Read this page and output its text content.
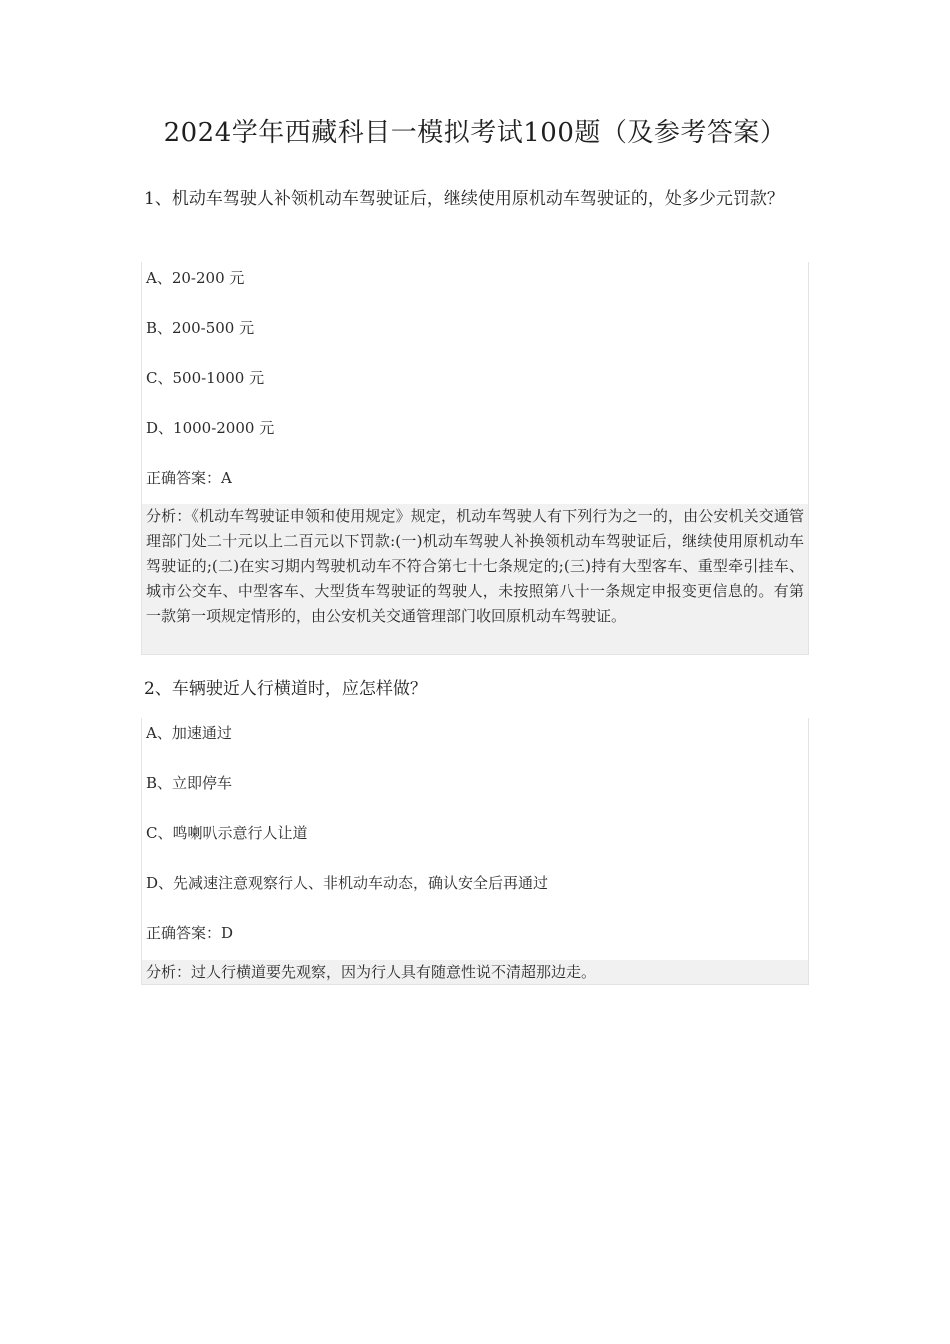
2024学年西藏科目一模拟考试100题（及参考答案）
1、机动车驾驶人补领机动车驾驶证后，继续使用原机动车驾驶证的，处多少元罚款？
A、20-200 元
B、200-500 元
C、500-1000 元
D、1000-2000 元
正确答案：A
分析：《机动车驾驶证申领和使用规定》规定，机动车驾驶人有下列行为之一的，由公安机关交通管理部门处二十元以上二百元以下罚款:(一)机动车驾驶人补换领机动车驾驶证后，继续使用原机动车驾驶证的;(二)在实习期内驾驶机动车不符合第七十七条规定的;(三)持有大型客车、重型牵引挂车、城市公交车、中型客车、大型货车驾驶证的驾驶人，未按照第八十一条规定申报变更信息的。有第一款第一项规定情形的，由公安机关交通管理部门收回原机动车驾驶证。
2、车辆驶近人行横道时，应怎样做？
A、加速通过
B、立即停车
C、鸣喇叭示意行人让道
D、先减速注意观察行人、非机动车动态，确认安全后再通过
正确答案：D
分析：过人行横道要先观察，因为行人具有随意性说不清超那边走。
